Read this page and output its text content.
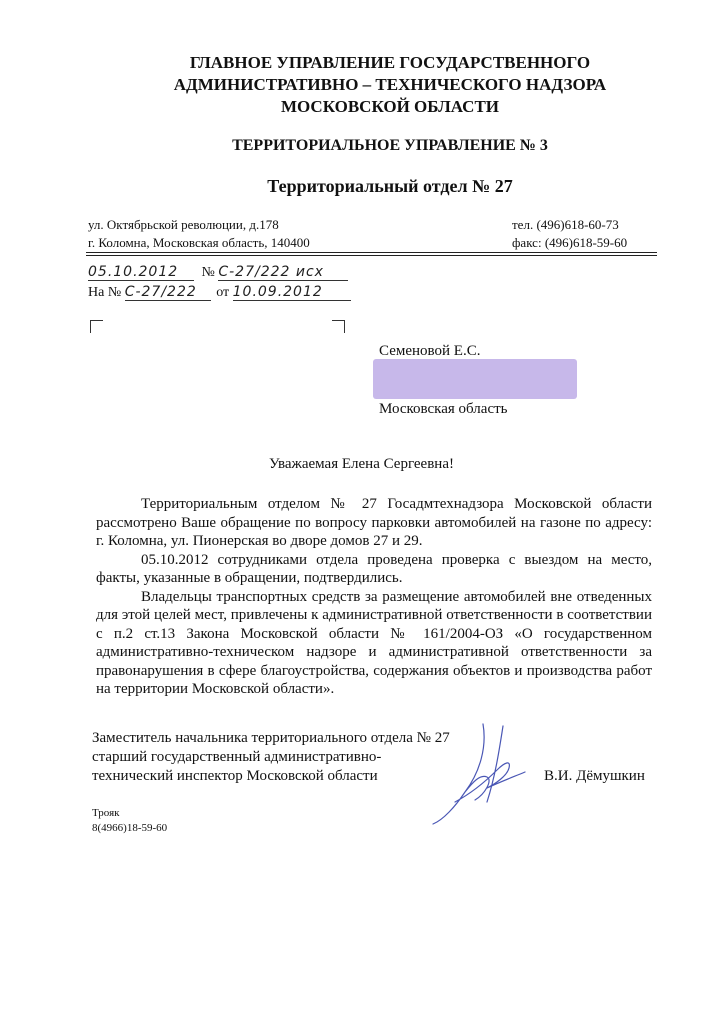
ГЛАВНОЕ УПРАВЛЕНИЕ ГОСУДАРСТВЕННОГО
АДМИНИСТРАТИВНО – ТЕХНИЧЕСКОГО НАДЗОРА
МОСКОВСКОЙ ОБЛАСТИ
ТЕРРИТОРИАЛЬНОЕ УПРАВЛЕНИЕ № 3
Территориальный отдел № 27
ул. Октябрьской революции, д.178
г. Коломна, Московская область, 140400
тел. (496)618-60-73
факс: (496)618-59-60
05.10.2012 № С-27/222 исх
На № С-27/222 от 10.09.2012
Семеновой Е.С.
Московская область
Уважаемая Елена Сергеевна!

Территориальным отделом № 27 Госадмтехнадзора Московской области рассмотрено Ваше обращение по вопросу парковки автомобилей на газоне по адресу: г. Коломна, ул. Пионерская во дворе домов 27 и 29.

05.10.2012 сотрудниками отдела проведена проверка с выездом на место, факты, указанные в обращении, подтвердились.

Владельцы транспортных средств за размещение автомобилей вне отведенных для этой целей мест, привлечены к административной ответственности в соответствии с п.2 ст.13 Закона Московской области № 161/2004-ОЗ «О государственном административно-техническом надзоре и административной ответственности за правонарушения в сфере благоустройства, содержания объектов и производства работ на территории Московской области».

Заместитель начальника территориального отдела № 27
старший государственный административно-
технический инспектор Московской области	В.И. Дёмушкин
Трояк
8(4966)18-59-60
